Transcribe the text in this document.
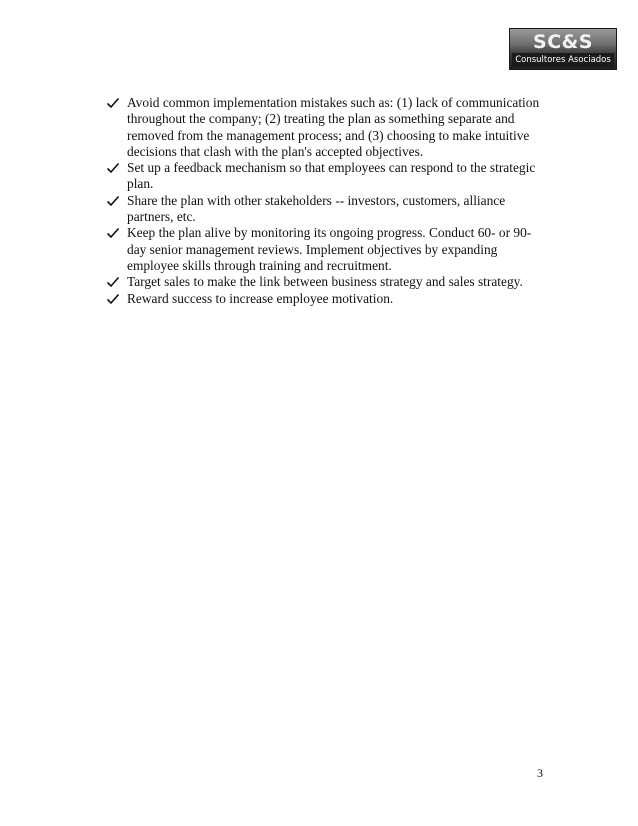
SC&S
Consultores Asociados
Avoid common implementation mistakes such as: (1) lack of communication throughout the company; (2) treating the plan as something separate and removed from the management process; and (3) choosing to make intuitive decisions that clash with the plan's accepted objectives.
Set up a feedback mechanism so that employees can respond to the strategic plan.
Share the plan with other stakeholders -- investors, customers, alliance partners, etc.
Keep the plan alive by monitoring its ongoing progress. Conduct 60- or 90-day senior management reviews. Implement objectives by expanding employee skills through training and recruitment.
Target sales to make the link between business strategy and sales strategy.
Reward success to increase employee motivation.
3
